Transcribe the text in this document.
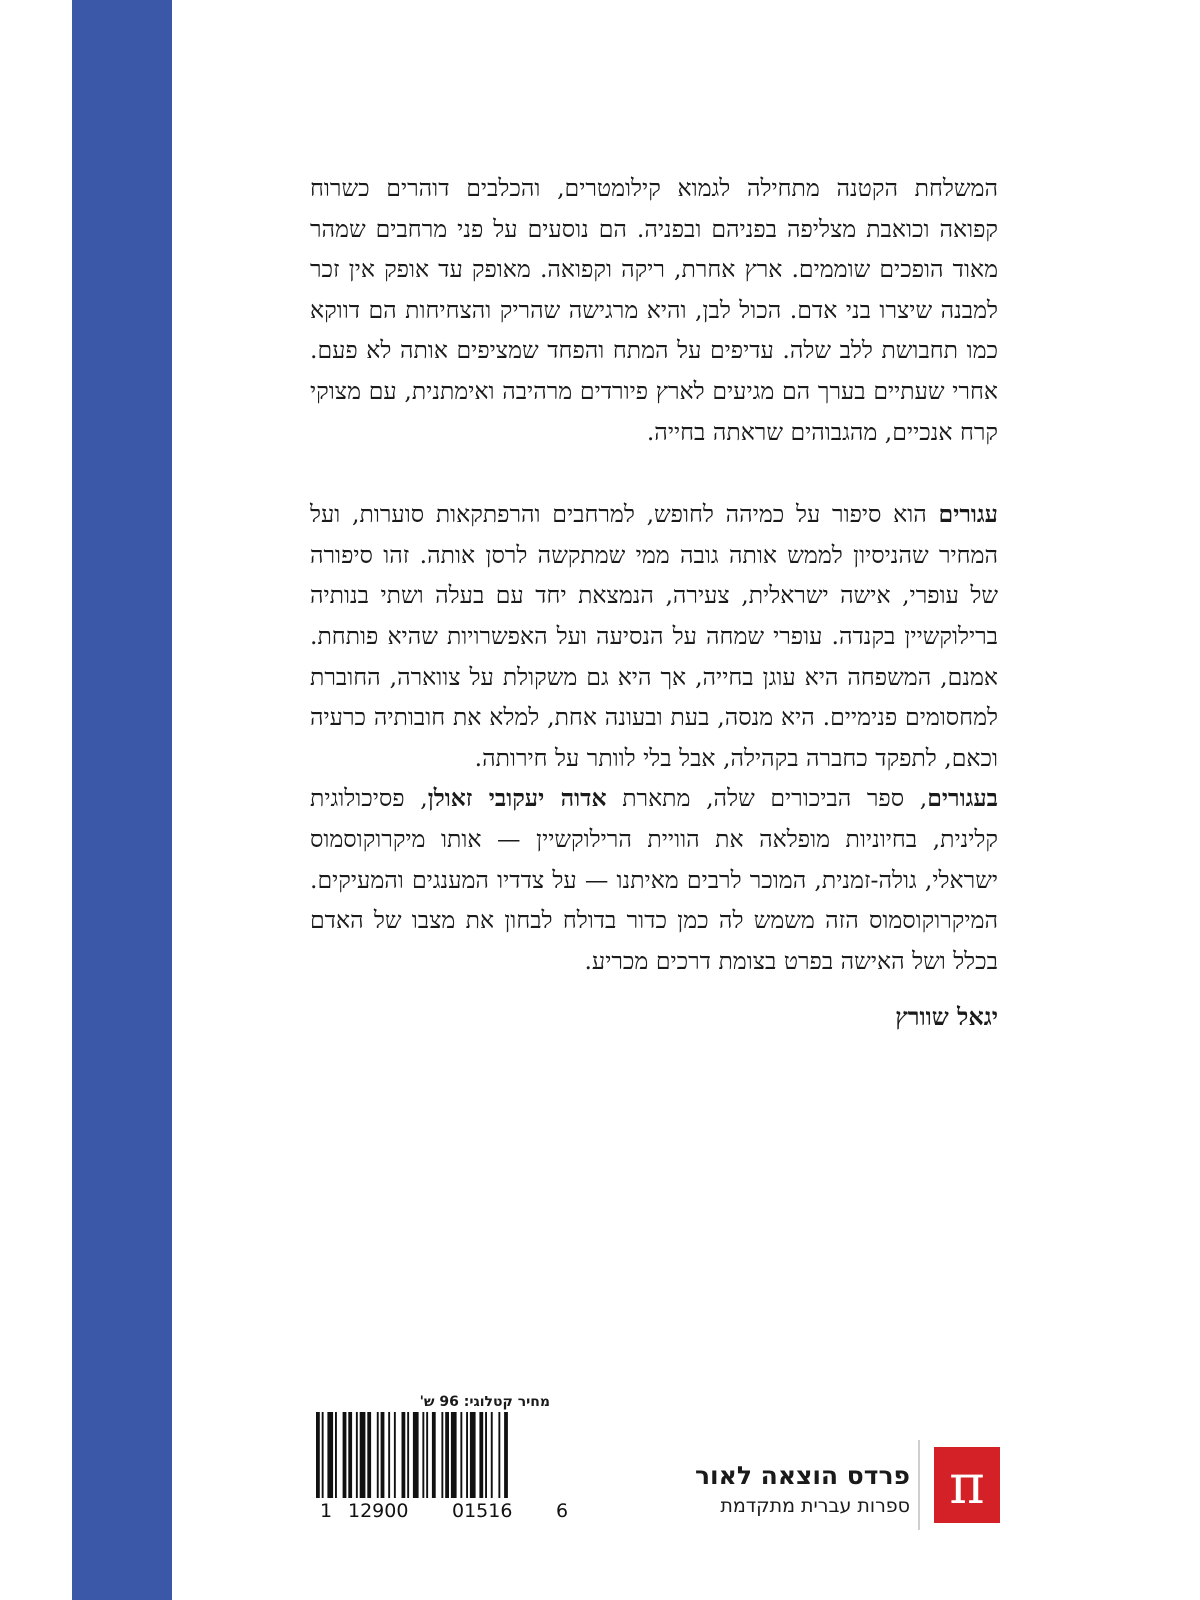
המשלחת הקטנה מתחילה לגמוא קילומטרים, והכלבים דוהרים כשרוח קפואה וכואבת מצליפה בפניהם ובפניה. הם נוסעים על פני מרחבים שמהר מאוד הופכים שוממים. ארץ אחרת, ריקה וקפואה. מאופק עד אופק אין זכר למבנה שיצרו בני אדם. הכול לבן, והיא מרגישה שהריק והצחיחות הם דווקא כמו תחבושת ללב שלה. עדיפים על המתח והפחד שמציפים אותה לא פעם. אחרי שעתיים בערך הם מגיעים לארץ פיורדים מרהיבה ואימתנית, עם מצוקי קרח אנכיים, מהגבוהים שראתה בחייה.

עגורים הוא סיפור על כמיהה לחופש, למרחבים והרפתקאות סוערות, ועל המחיר שהניסיון לממש אותה גובה ממי שמתקשה לרסן אותה. זהו סיפורה של עופרי, אישה ישראלית, צעירה, הנמצאת יחד עם בעלה ושתי בנותיה ברילוקשיין בקנדה. עופרי שמחה על הנסיעה ועל האפשרויות שהיא פותחת. אמנם, המשפחה היא עוגן בחייה, אך היא גם משקולת על צווארה, החוברת למחסומים פנימיים. היא מנסה, בעת ובעונה אחת, למלא את חובותיה כרעיה וכאם, לתפקד כחברה בקהילה, אבל בלי לוותר על חירותה.

בעגורים, ספר הביכורים שלה, מתארת אדוה יעקובי זאולן, פסיכולוגית קלינית, בחיוניות מופלאה את הוויית הרילוקשיין — אותו מיקרוקוסמוס ישראלי, גולה-זמנית, המוכר לרבים מאיתנו — על צדדיו המענגים והמעיקים. המיקרוקוסמוס הזה משמש לה כמן כדור בדולח לבחון את מצבו של האדם בכלל ושל האישה בפרט בצומת דרכים מכריע.

יגאל שוורץ

מחיר קטלוגי: 96 ש'
1 12900 01516 6
פרדס הוצאה לאור
ספרות עברית מתקדמת π
